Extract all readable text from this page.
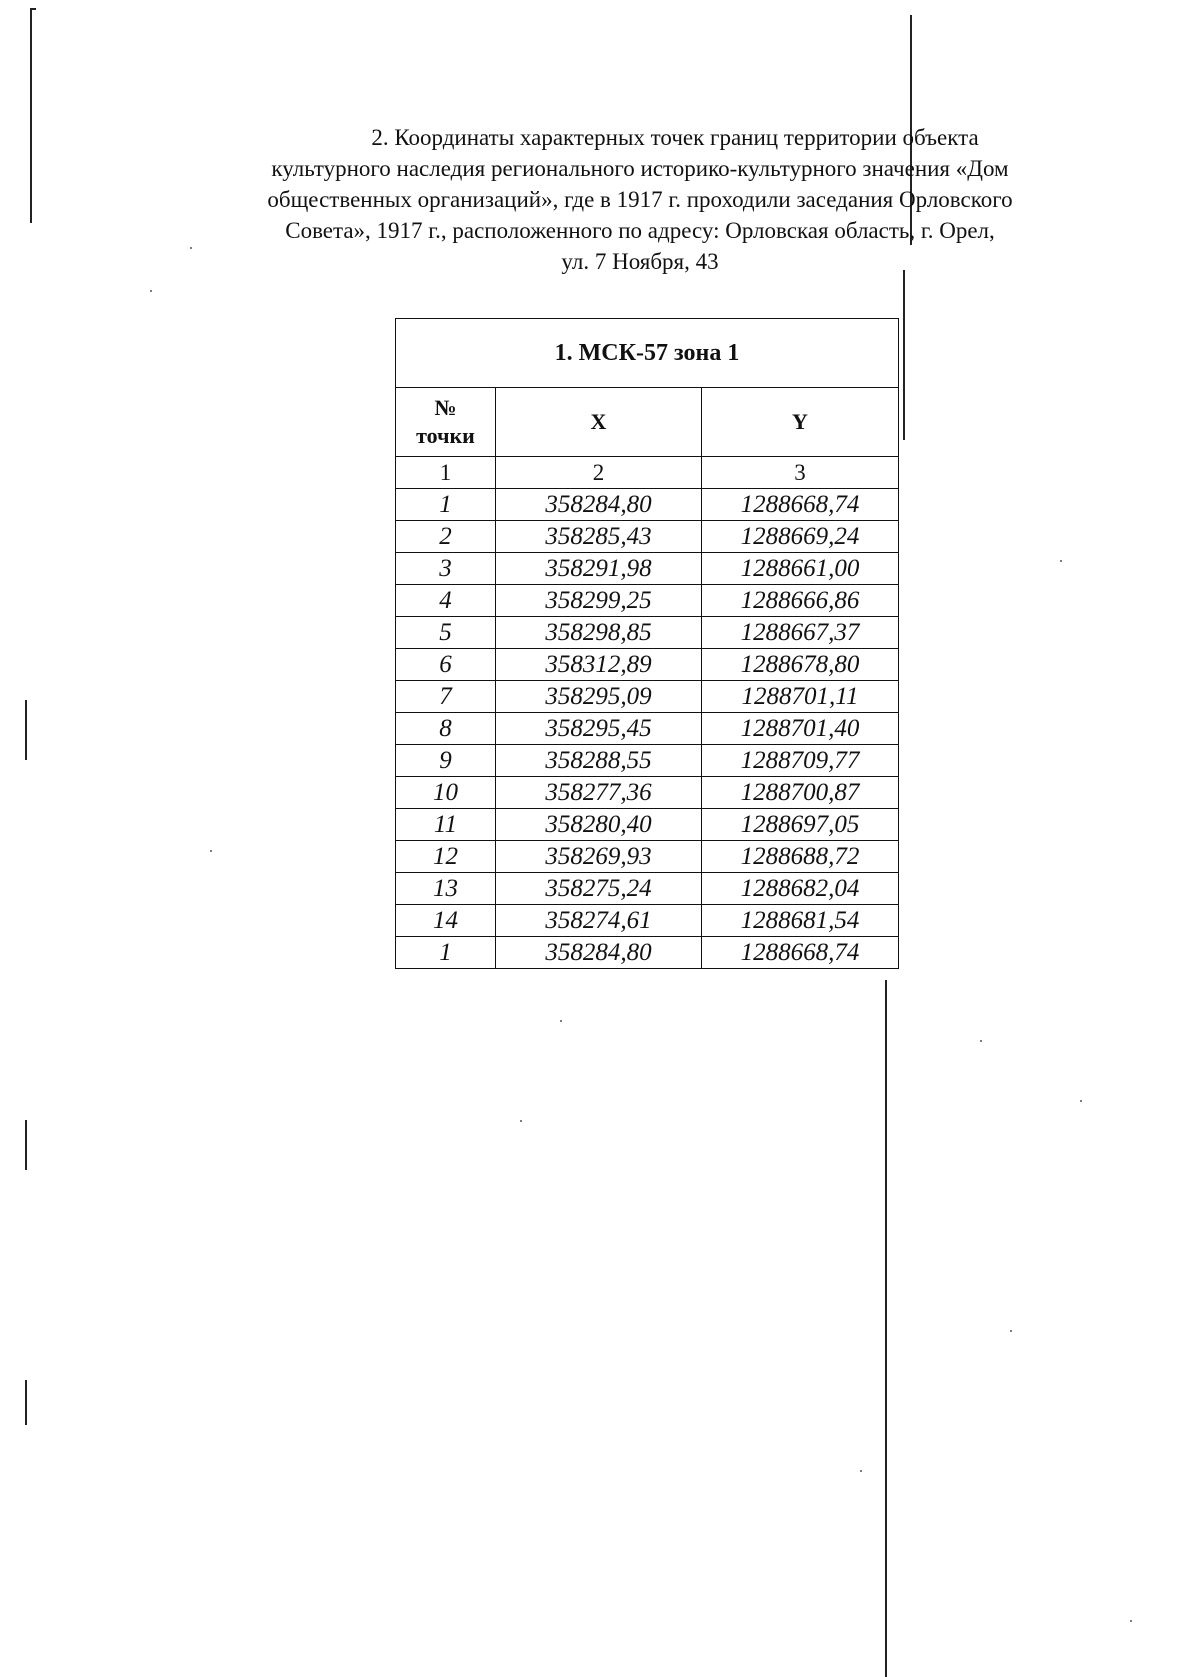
2. Координаты характерных точек границ территории объекта
культурного наследия регионального историко-культурного значения «Дом
общественных организаций», где в 1917 г. проходили заседания Орловского
Совета», 1917 г., расположенного по адресу: Орловская область, г. Орел,
ул. 7 Ноября, 43
1. МСК-57 зона 1		
№
точки	X	Y
1	2	3
1	358284,80	1288668,74
2	358285,43	1288669,24
3	358291,98	1288661,00
4	358299,25	1288666,86
5	358298,85	1288667,37
6	358312,89	1288678,80
7	358295,09	1288701,11
8	358295,45	1288701,40
9	358288,55	1288709,77
10	358277,36	1288700,87
11	358280,40	1288697,05
12	358269,93	1288688,72
13	358275,24	1288682,04
14	358274,61	1288681,54
1	358284,80	1288668,74
